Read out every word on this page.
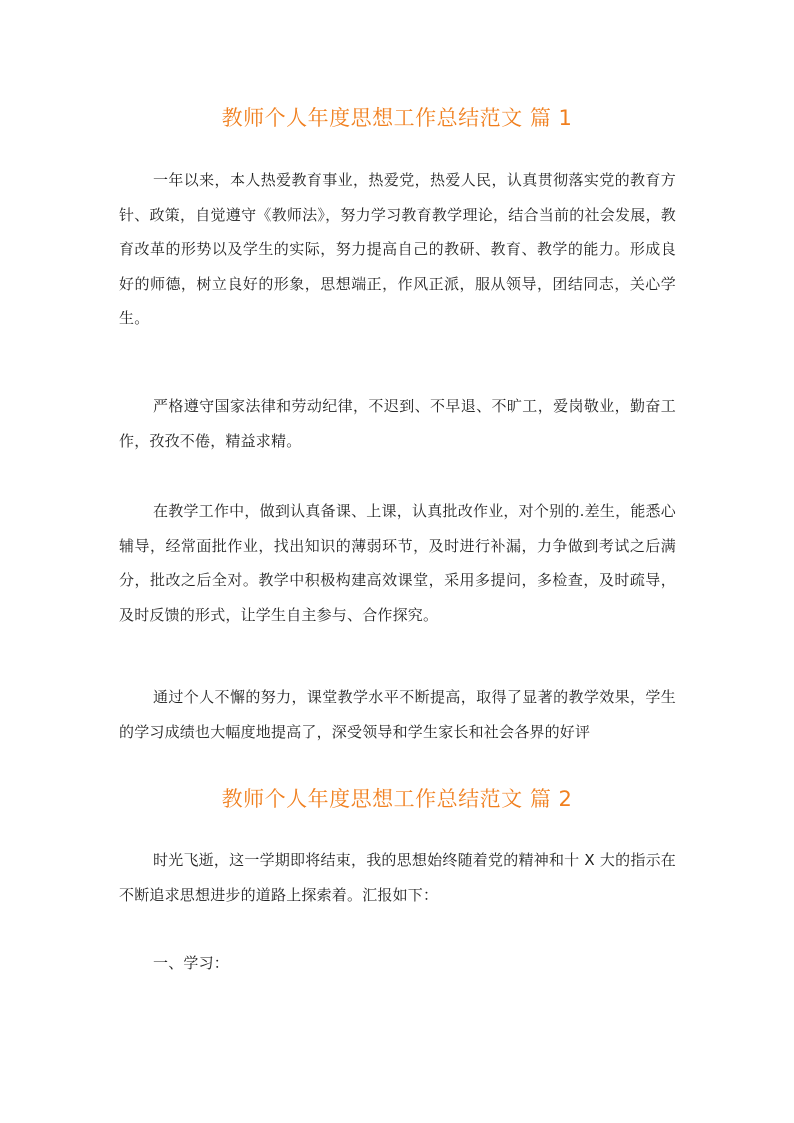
教师个人年度思想工作总结范文 篇 1

一年以来，本人热爱教育事业，热爱党，热爱人民，认真贯彻落实党的教育方针、政策，自觉遵守《教师法》，努力学习教育教学理论，结合当前的社会发展，教育改革的形势以及学生的实际，努力提高自己的教研、教育、教学的能力。形成良好的师德，树立良好的形象，思想端正，作风正派，服从领导，团结同志，关心学生。

严格遵守国家法律和劳动纪律，不迟到、不早退、不旷工，爱岗敬业，勤奋工作，孜孜不倦，精益求精。

在教学工作中，做到认真备课、上课，认真批改作业，对个别的.差生，能悉心辅导，经常面批作业，找出知识的薄弱环节，及时进行补漏，力争做到考试之后满分，批改之后全对。教学中积极构建高效课堂，采用多提问，多检查，及时疏导，及时反馈的形式，让学生自主参与、合作探究。

通过个人不懈的努力，课堂教学水平不断提高，取得了显著的教学效果，学生的学习成绩也大幅度地提高了，深受领导和学生家长和社会各界的好评

教师个人年度思想工作总结范文 篇 2

时光飞逝，这一学期即将结束，我的思想始终随着党的精神和十 X 大的指示在不断追求思想进步的道路上探索着。汇报如下：

一、学习：
